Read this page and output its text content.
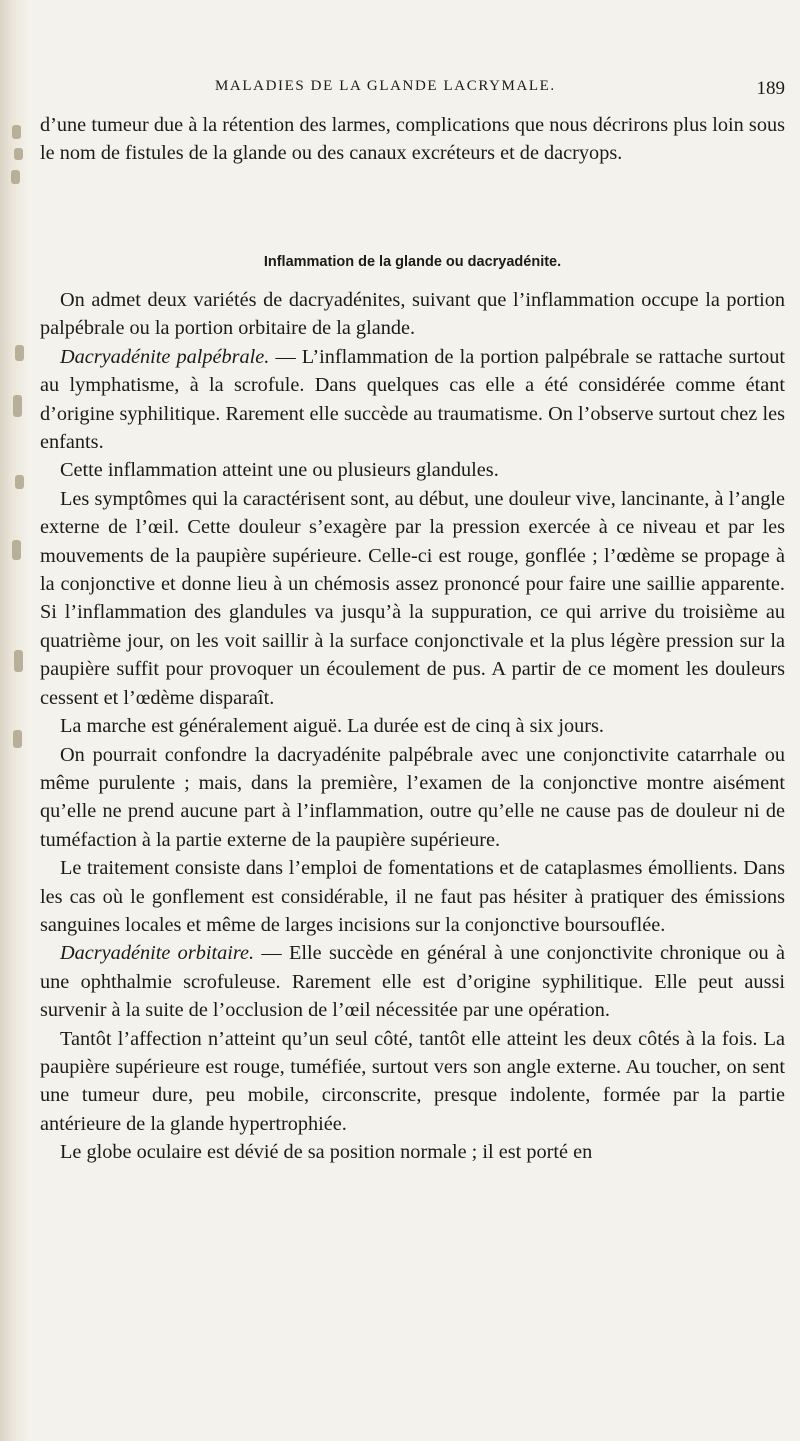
MALADIES DE LA GLANDE LACRYMALE.	189

d’une tumeur due à la rétention des larmes, complications que nous décrirons plus loin sous le nom de fistules de la glande ou des canaux excréteurs et de dacryops.

Inflammation de la glande ou dacryadénite.

On admet deux variétés de dacryadénites, suivant que l’inflammation occupe la portion palpébrale ou la portion orbitaire de la glande.

Dacryadénite palpébrale. — L’inflammation de la portion palpébrale se rattache surtout au lymphatisme, à la scrofule. Dans quelques cas elle a été considérée comme étant d’origine syphilitique. Rarement elle succède au traumatisme. On l’observe surtout chez les enfants.

Cette inflammation atteint une ou plusieurs glandules.

Les symptômes qui la caractérisent sont, au début, une douleur vive, lancinante, à l’angle externe de l’œil. Cette douleur s’exagère par la pression exercée à ce niveau et par les mouvements de la paupière supérieure. Celle-ci est rouge, gonflée ; l’œdème se propage à la conjonctive et donne lieu à un chémosis assez prononcé pour faire une saillie apparente. Si l’inflammation des glandules va jusqu’à la suppuration, ce qui arrive du troisième au quatrième jour, on les voit saillir à la surface conjonctivale et la plus légère pression sur la paupière suffit pour provoquer un écoulement de pus. A partir de ce moment les douleurs cessent et l’œdème disparaît.

La marche est généralement aiguë. La durée est de cinq à six jours.

On pourrait confondre la dacryadénite palpébrale avec une conjonctivite catarrhale ou même purulente ; mais, dans la première, l’examen de la conjonctive montre aisément qu’elle ne prend aucune part à l’inflammation, outre qu’elle ne cause pas de douleur ni de tuméfaction à la partie externe de la paupière supérieure.

Le traitement consiste dans l’emploi de fomentations et de cataplasmes émollients. Dans les cas où le gonflement est considérable, il ne faut pas hésiter à pratiquer des émissions sanguines locales et même de larges incisions sur la conjonctive boursouflée.

Dacryadénite orbitaire. — Elle succède en général à une conjonctivite chronique ou à une ophthalmie scrofuleuse. Rarement elle est d’origine syphilitique. Elle peut aussi survenir à la suite de l’occlusion de l’œil nécessitée par une opération.

Tantôt l’affection n’atteint qu’un seul côté, tantôt elle atteint les deux côtés à la fois. La paupière supérieure est rouge, tuméfiée, surtout vers son angle externe. Au toucher, on sent une tumeur dure, peu mobile, circonscrite, presque indolente, formée par la partie antérieure de la glande hypertrophiée.

Le globe oculaire est dévié de sa position normale ; il est porté en
